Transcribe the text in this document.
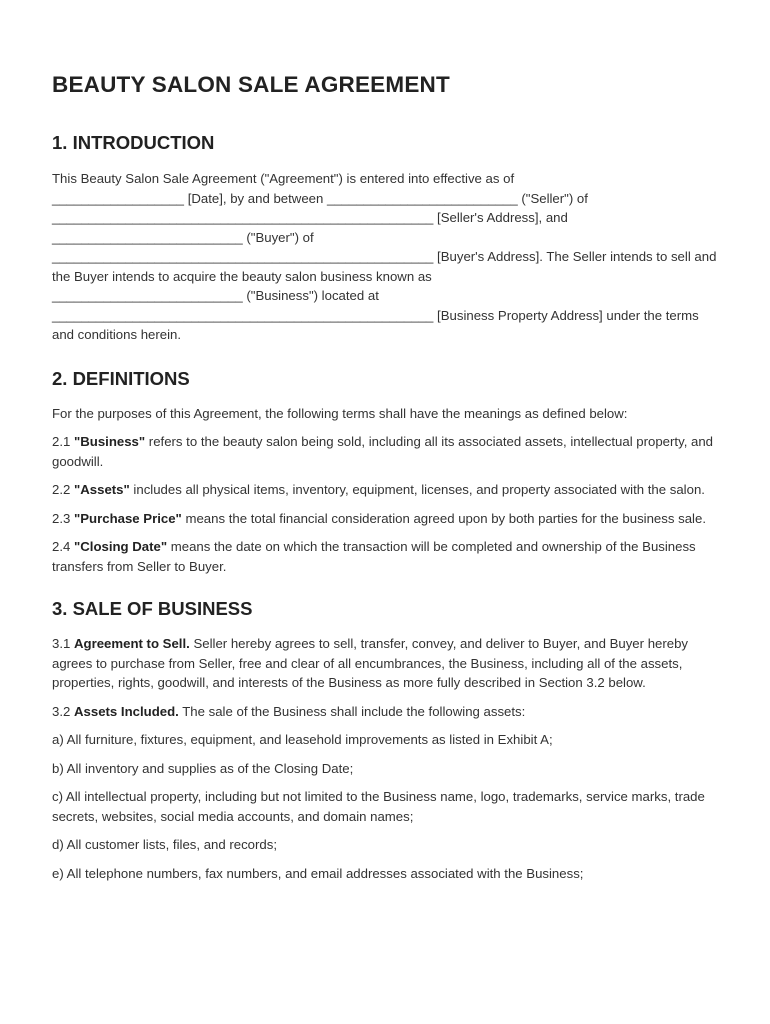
BEAUTY SALON SALE AGREEMENT
1. INTRODUCTION

This Beauty Salon Sale Agreement ("Agreement") is entered into effective as of
__________________ [Date], by and between __________________________ ("Seller") of
____________________________________________________ [Seller's Address], and
__________________________ ("Buyer") of
____________________________________________________ [Buyer's Address]. The Seller intends to sell and the Buyer intends to acquire the beauty salon business known as
__________________________ ("Business") located at
____________________________________________________ [Business Property Address] under the terms and conditions herein.

2. DEFINITIONS

For the purposes of this Agreement, the following terms shall have the meanings as defined below:

2.1 "Business" refers to the beauty salon being sold, including all its associated assets, intellectual property, and goodwill.

2.2 "Assets" includes all physical items, inventory, equipment, licenses, and property associated with the salon.

2.3 "Purchase Price" means the total financial consideration agreed upon by both parties for the business sale.

2.4 "Closing Date" means the date on which the transaction will be completed and ownership of the Business transfers from Seller to Buyer.

3. SALE OF BUSINESS

3.1 Agreement to Sell. Seller hereby agrees to sell, transfer, convey, and deliver to Buyer, and Buyer hereby agrees to purchase from Seller, free and clear of all encumbrances, the Business, including all of the assets, properties, rights, goodwill, and interests of the Business as more fully described in Section 3.2 below.

3.2 Assets Included. The sale of the Business shall include the following assets:

a) All furniture, fixtures, equipment, and leasehold improvements as listed in Exhibit A;

b) All inventory and supplies as of the Closing Date;

c) All intellectual property, including but not limited to the Business name, logo, trademarks, service marks, trade secrets, websites, social media accounts, and domain names;

d) All customer lists, files, and records;

e) All telephone numbers, fax numbers, and email addresses associated with the Business;
